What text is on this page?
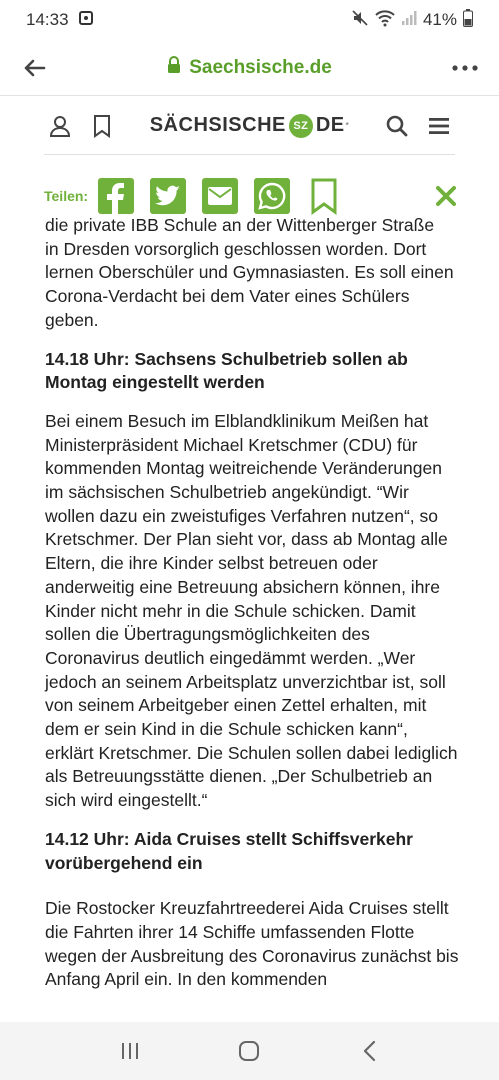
14:33	41%
Saechsische.de
SÄCHSISCHE SZ DE *
Teilen:

die private IBB Schule an der Wittenberger Straße

in Dresden vorsorglich geschlossen worden. Dort lernen Oberschüler und Gymnasiasten. Es soll einen Corona-Verdacht bei dem Vater eines Schülers geben.

14.18 Uhr: Sachsens Schulbetrieb sollen ab Montag eingestellt werden

Bei einem Besuch im Elblandklinikum Meißen hat Ministerpräsident Michael Kretschmer (CDU) für kommenden Montag weitreichende Veränderungen im sächsischen Schulbetrieb angekündigt. “Wir wollen dazu ein zweistufiges Verfahren nutzen“, so Kretschmer. Der Plan sieht vor, dass ab Montag alle Eltern, die ihre Kinder selbst betreuen oder anderweitig eine Betreuung absichern können, ihre Kinder nicht mehr in die Schule schicken. Damit sollen die Übertragungsmöglichkeiten des Coronavirus deutlich eingedämmt werden. „Wer jedoch an seinem Arbeitsplatz unverzichtbar ist, soll von seinem Arbeitgeber einen Zettel erhalten, mit dem er sein Kind in die Schule schicken kann“, erklärt Kretschmer. Die Schulen sollen dabei lediglich als Betreuungsstätte dienen. „Der Schulbetrieb an sich wird eingestellt.“

14.12 Uhr: Aida Cruises stellt Schiffsverkehr vorübergehend ein

Die Rostocker Kreuzfahrtreederei Aida Cruises stellt die Fahrten ihrer 14 Schiffe umfassenden Flotte wegen der Ausbreitung des Coronavirus zunächst bis Anfang April ein. In den kommenden
